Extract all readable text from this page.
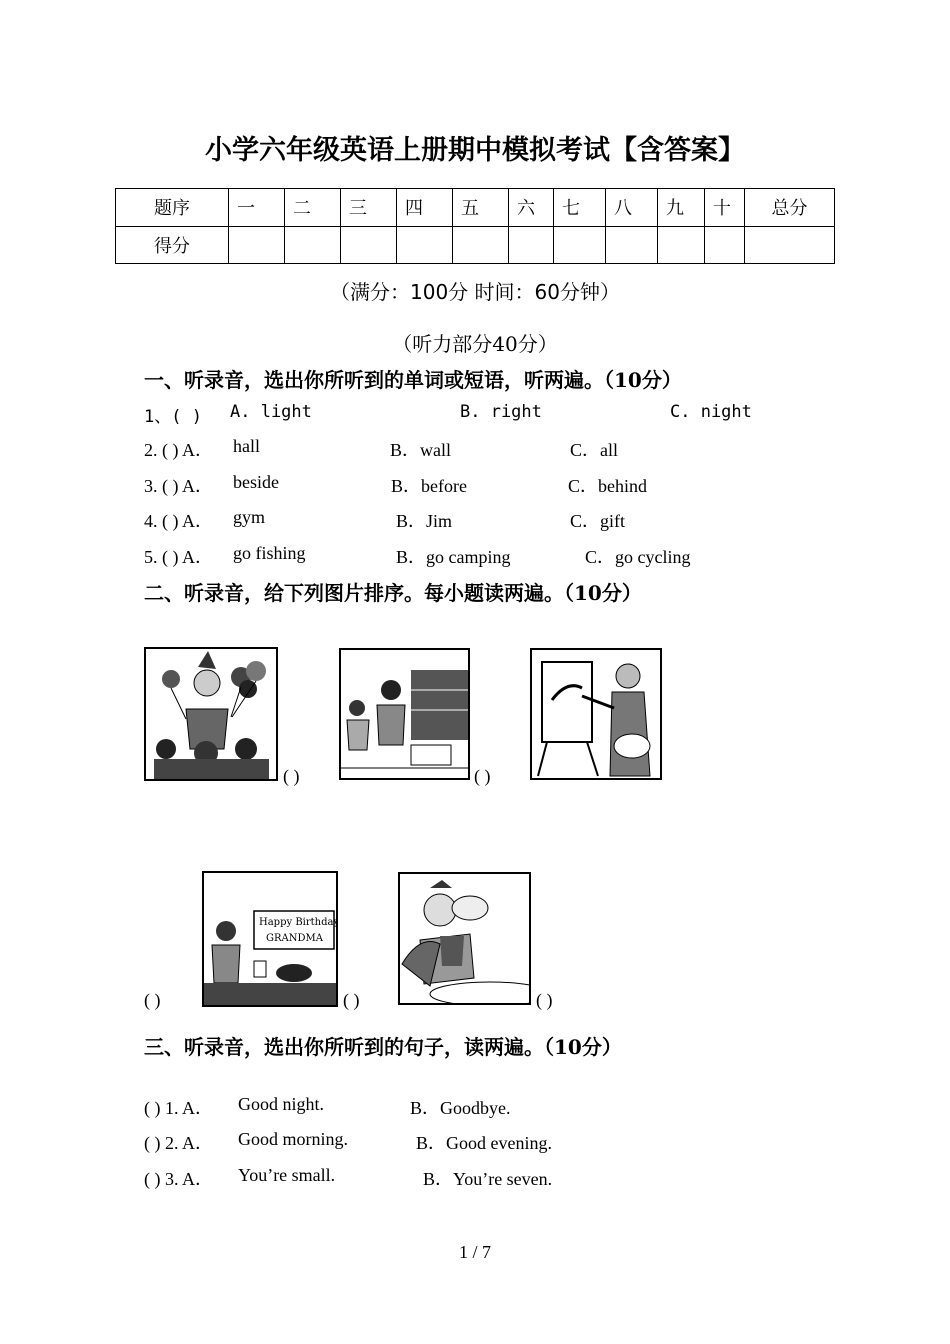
小学六年级英语上册期中模拟考试【含答案】
题序	一	二	三	四	五	六	七	八	九	十	总分
得分											
（满分：100分 时间：60分钟）
（听力部分40分）
一、听录音，选出你所听到的单词或短语，听两遍。（10分）
1、( ) A. light	B. right	C. night
2. ( ) A． hall	B．wall	C．all
3. ( ) A． beside	B．before	C．behind
4. ( ) A． gym	B．Jim	C．gift
5. ( ) A． go fishing	B．go camping	C．go cycling
二、听录音，给下列图片排序。每小题读两遍。（10分）
( )	( )
( )
Happy Birthday
GRANDMA
( )	( )
三、听录音，选出你所听到的句子，读两遍。（10分）
( ) 1. A． Good night.	B．Goodbye.
( ) 2. A． Good morning.	B．Good evening.
( ) 3. A． You’re small.	B．You’re seven.
1 / 7
